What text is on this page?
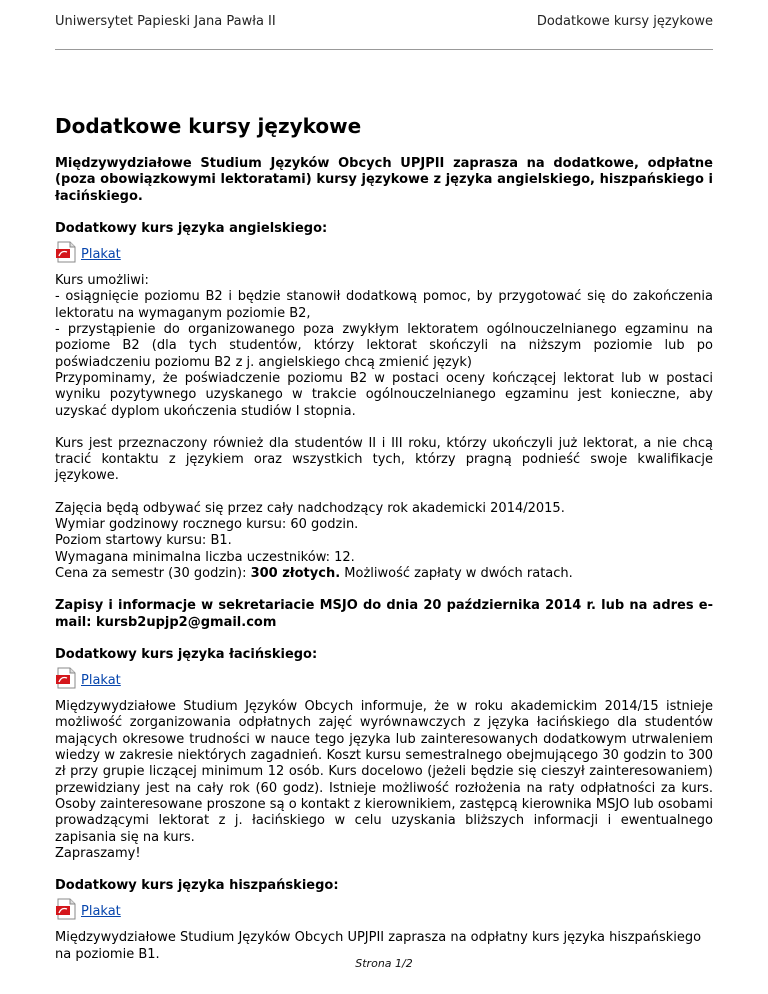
Uniwersytet Papieski Jana Pawła II	Dodatkowe kursy językowe
Dodatkowe kursy językowe

Międzywydziałowe Studium Języków Obcych UPJPII zaprasza na dodatkowe, odpłatne (poza obowiązkowymi lektoratami) kursy językowe z języka angielskiego, hiszpańskiego i łacińskiego.

Dodatkowy kurs języka angielskiego:

Plakat

Kurs umożliwi:

- osiągnięcie poziomu B2 i będzie stanowił dodatkową pomoc, by przygotować się do zakończenia lektoratu na wymaganym poziomie B2,

- przystąpienie do organizowanego poza zwykłym lektoratem ogólnouczelnianego egzaminu na poziome B2 (dla tych studentów, którzy lektorat skończyli na niższym poziomie lub po poświadczeniu poziomu B2 z j. angielskiego chcą zmienić język)

Przypominamy, że poświadczenie poziomu B2 w postaci oceny kończącej lektorat lub w postaci wyniku pozytywnego uzyskanego w trakcie ogólnouczelnianego egzaminu jest konieczne, aby uzyskać dyplom ukończenia studiów I stopnia.

Kurs jest przeznaczony również dla studentów II i III roku, którzy ukończyli już lektorat, a nie chcą tracić kontaktu z językiem oraz wszystkich tych, którzy pragną podnieść swoje kwalifikacje językowe.

Zajęcia będą odbywać się przez cały nadchodzący rok akademicki 2014/2015.

Wymiar godzinowy rocznego kursu: 60 godzin.

Poziom startowy kursu: B1.

Wymagana minimalna liczba uczestników: 12.

Cena za semestr (30 godzin): 300 złotych. Możliwość zapłaty w dwóch ratach.

Zapisy i informacje w sekretariacie MSJO do dnia 20 października 2014 r. lub na adres e-mail: kursb2upjp2@gmail.com

Dodatkowy kurs języka łacińskiego:

Plakat

Międzywydziałowe Studium Języków Obcych informuje, że w roku akademickim 2014/15 istnieje możliwość zorganizowania odpłatnych zajęć wyrównawczych z języka łacińskiego dla studentów mających okresowe trudności w nauce tego języka lub zainteresowanych dodatkowym utrwaleniem wiedzy w zakresie niektórych zagadnień. Koszt kursu semestralnego obejmującego 30 godzin to 300 zł przy grupie liczącej minimum 12 osób. Kurs docelowo (jeżeli będzie się cieszył zainteresowaniem) przewidziany jest na cały rok (60 godz). Istnieje możliwość rozłożenia na raty odpłatności za kurs. Osoby zainteresowane proszone są o kontakt z kierownikiem, zastępcą kierownika MSJO lub osobami prowadzącymi lektorat z j. łacińskiego w celu uzyskania bliższych informacji i ewentualnego zapisania się na kurs.

Zapraszamy!

Dodatkowy kurs języka hiszpańskiego:

Plakat

Międzywydziałowe Studium Języków Obcych UPJPII zaprasza na odpłatny kurs języka hiszpańskiego na poziomie B1.

Strona 1/2
